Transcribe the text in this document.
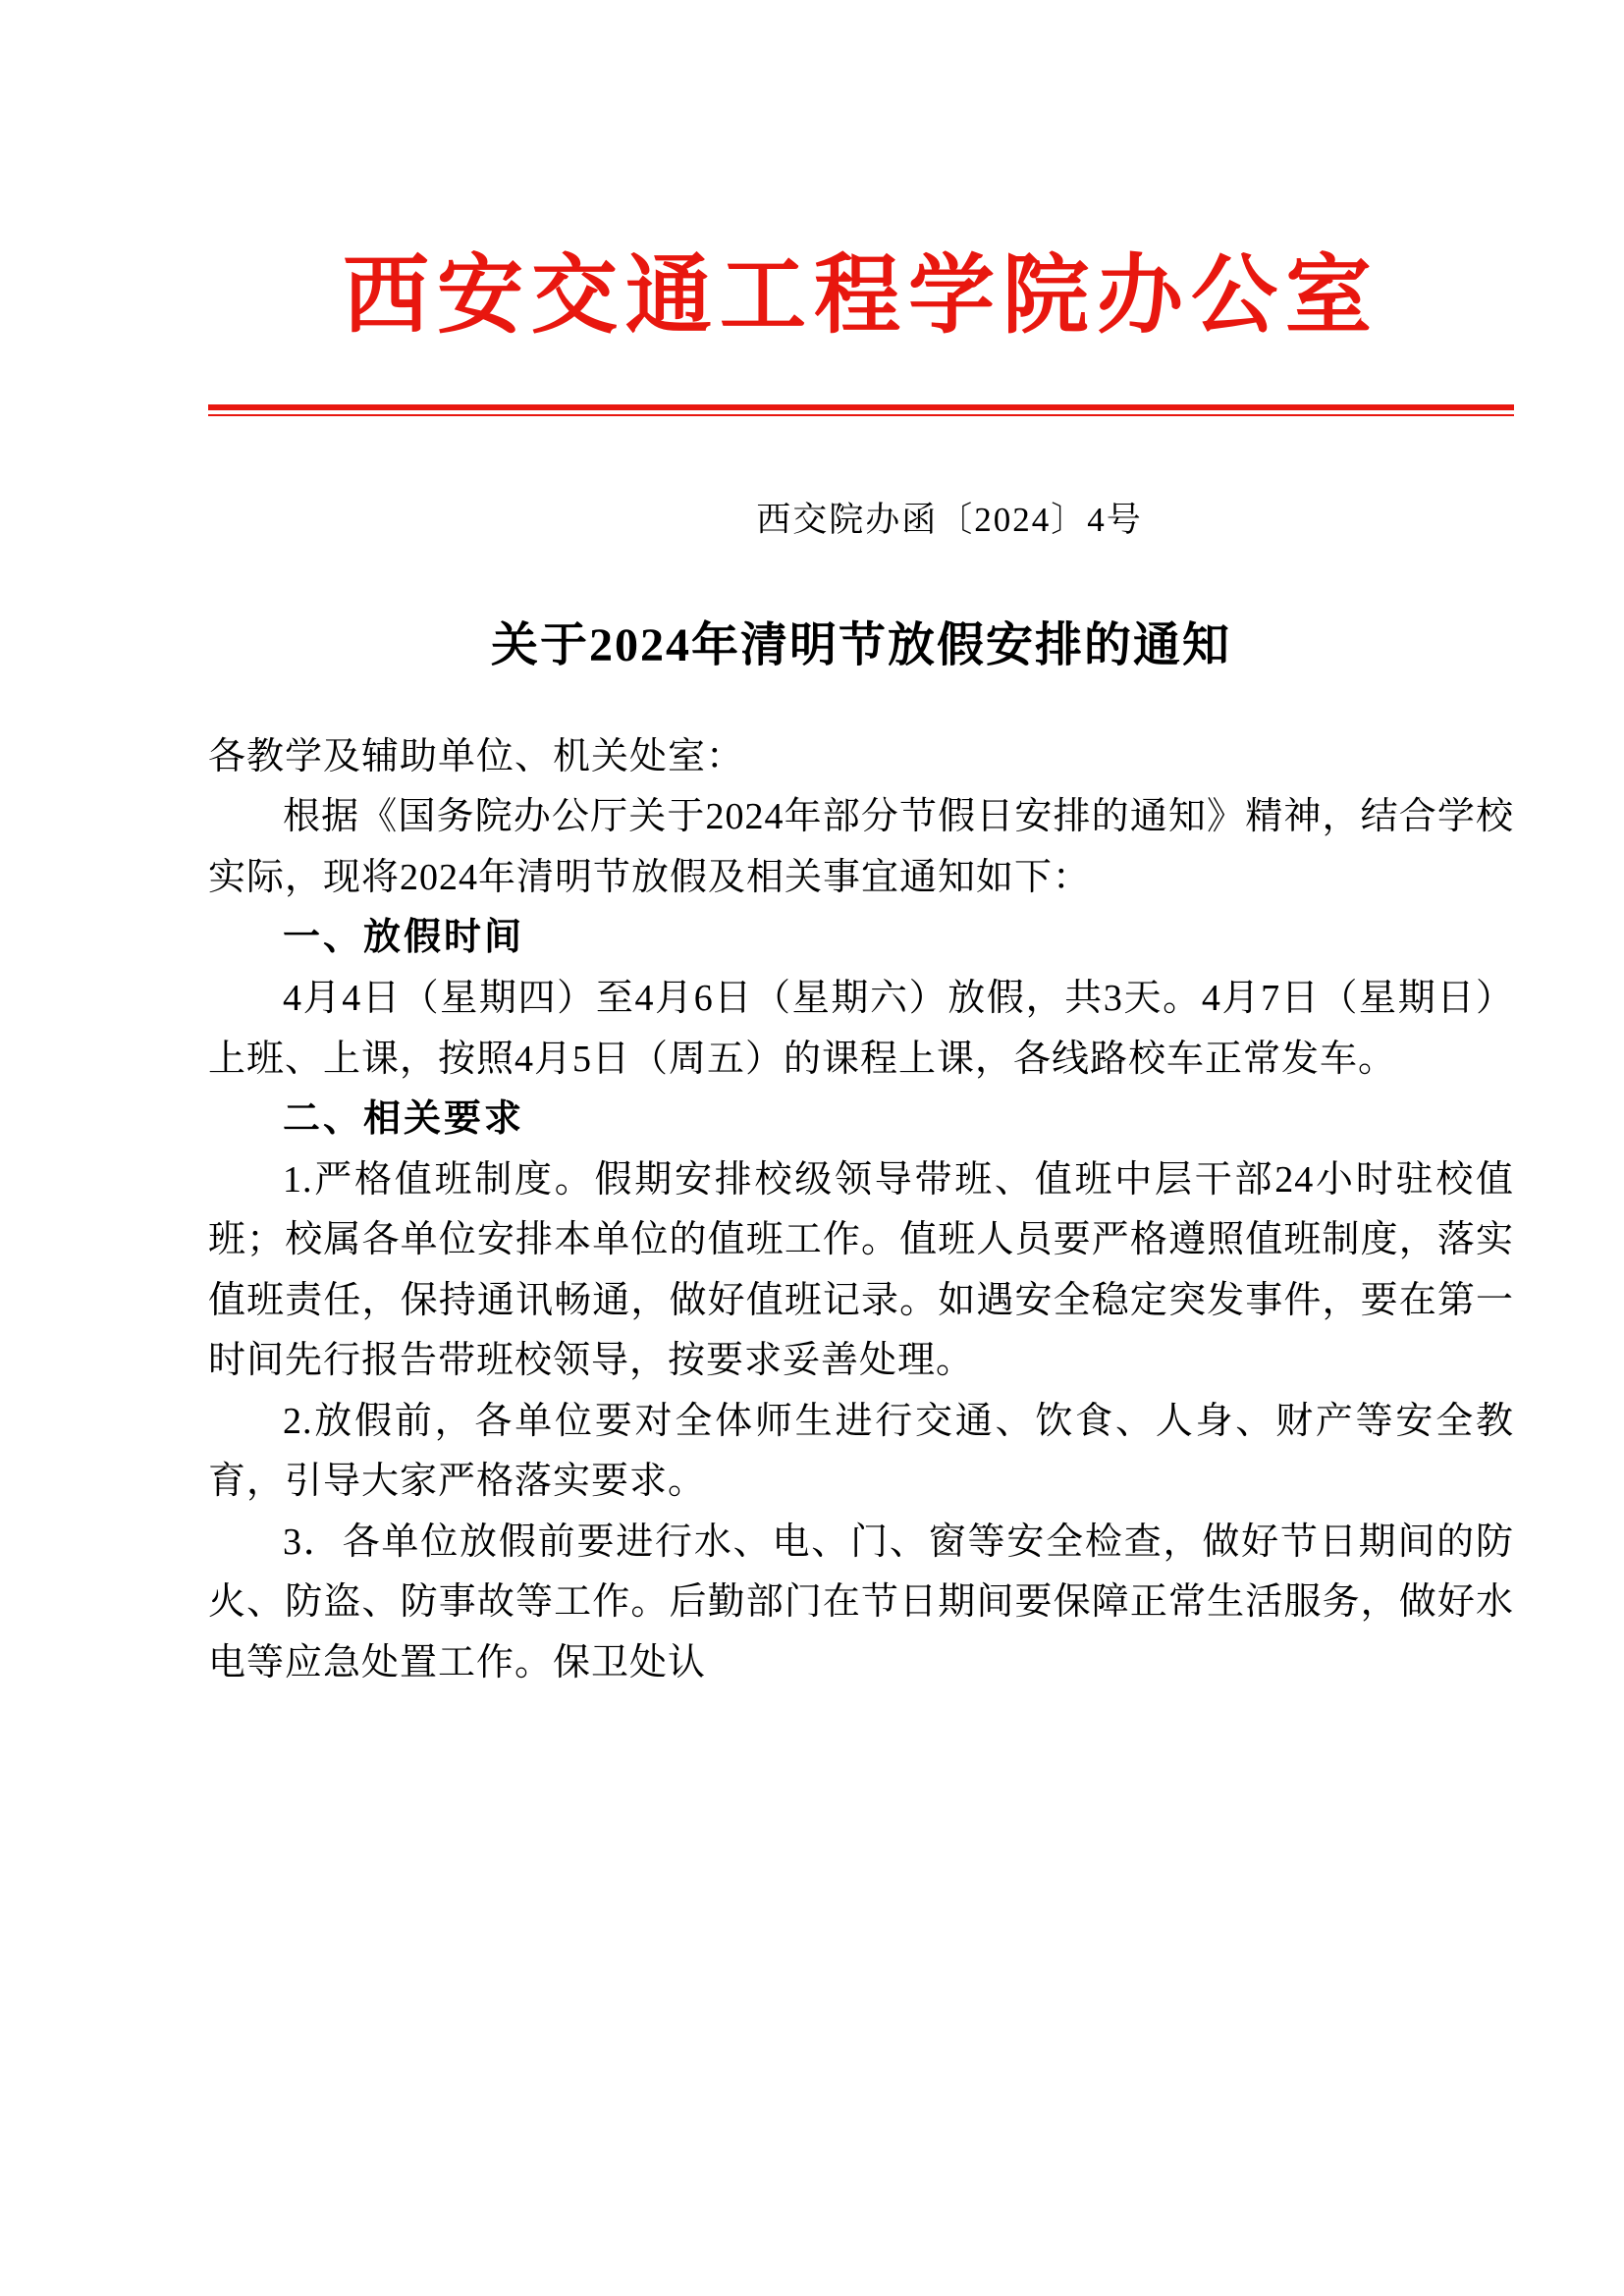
西安交通工程学院办公室
西交院办函〔2024〕4号
关于2024年清明节放假安排的通知

各教学及辅助单位、机关处室：

根据《国务院办公厅关于2024年部分节假日安排的通知》精神，结合学校实际，现将2024年清明节放假及相关事宜通知如下：

一、放假时间

4月4日（星期四）至4月6日（星期六）放假，共3天。4月7日（星期日）上班、上课，按照4月5日（周五）的课程上课，各线路校车正常发车。

二、相关要求

1.严格值班制度。假期安排校级领导带班、值班中层干部24小时驻校值班；校属各单位安排本单位的值班工作。值班人员要严格遵照值班制度，落实值班责任，保持通讯畅通，做好值班记录。如遇安全稳定突发事件，要在第一时间先行报告带班校领导，按要求妥善处理。

2.放假前，各单位要对全体师生进行交通、饮食、人身、财产等安全教育，引导大家严格落实要求。

3．各单位放假前要进行水、电、门、窗等安全检查，做好节日期间的防火、防盗、防事故等工作。后勤部门在节日期间要保障正常生活服务，做好水电等应急处置工作。保卫处认
